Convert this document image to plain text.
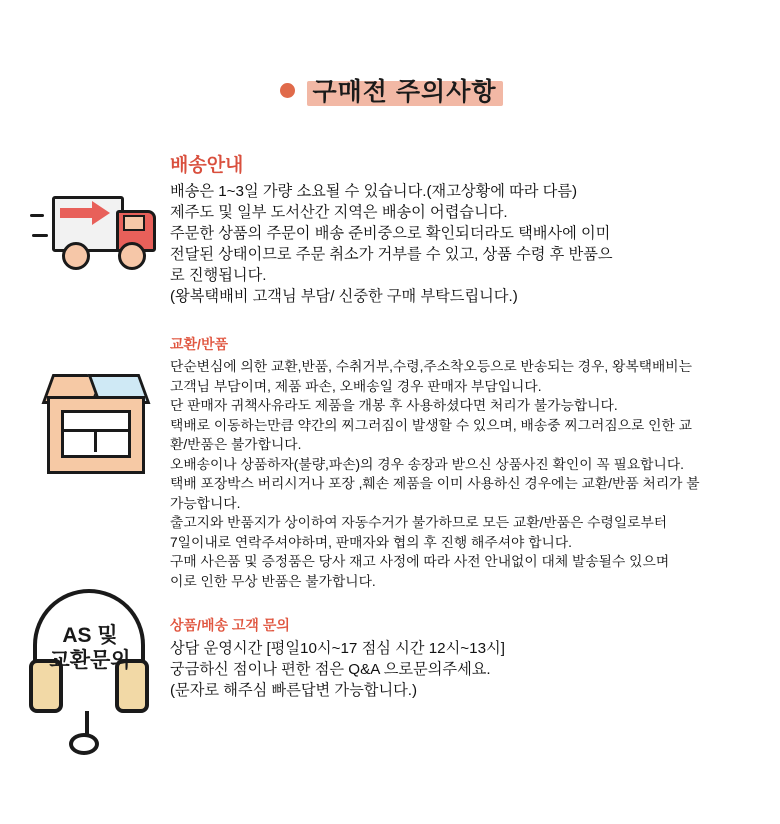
구매전 주의사항
배송안내
배송은 1~3일 가량 소요될 수 있습니다.(재고상황에 따라 다름)
제주도 및 일부 도서산간 지역은 배송이 어렵습니다.
주문한 상품의 주문이 배송 준비중으로 확인되더라도 택배사에 이미
전달된 상태이므로 주문 취소가 거부를 수 있고, 상품 수령 후 반품으
로 진행됩니다.
(왕복택배비 고객님 부담/ 신중한 구매 부탁드립니다.)
교환/반품
단순변심에 의한 교환,반품, 수취거부,수령,주소착오등으로 반송되는 경우, 왕복택배비는
고객님 부담이며, 제품 파손, 오배송일 경우 판매자 부담입니다.
단 판매자 귀책사유라도 제품을 개봉 후 사용하셨다면 처리가 불가능합니다.
택배로 이동하는만큼 약간의 찌그러짐이 발생할 수 있으며, 배송중 찌그러짐으로 인한 교
환/반품은 불가합니다.
오배송이나 상품하자(불량,파손)의 경우 송장과 받으신 상품사진 확인이 꼭 필요합니다.
택배 포장박스 버리시거나 포장 ,훼손 제품을 이미 사용하신 경우에는 교환/반품 처리가 불
가능합니다.
출고지와 반품지가 상이하여 자동수거가 불가하므로 모든 교환/반품은 수령일로부터
7일이내로 연락주셔야하며, 판매자와 협의 후 진행 해주셔야 합니다.
구매 사은품 및 증정품은 당사 재고 사정에 따라 사전 안내없이 대체 발송될수 있으며
이로 인한 무상 반품은 불가합니다.
AS 및
교환문의
상품/배송 고객 문의
상담 운영시간 [평일10시~17 점심 시간 12시~13시]
궁금하신 점이나 편한 점은 Q&A 으로문의주세요.
(문자로 해주심 빠른답변 가능합니다.)
